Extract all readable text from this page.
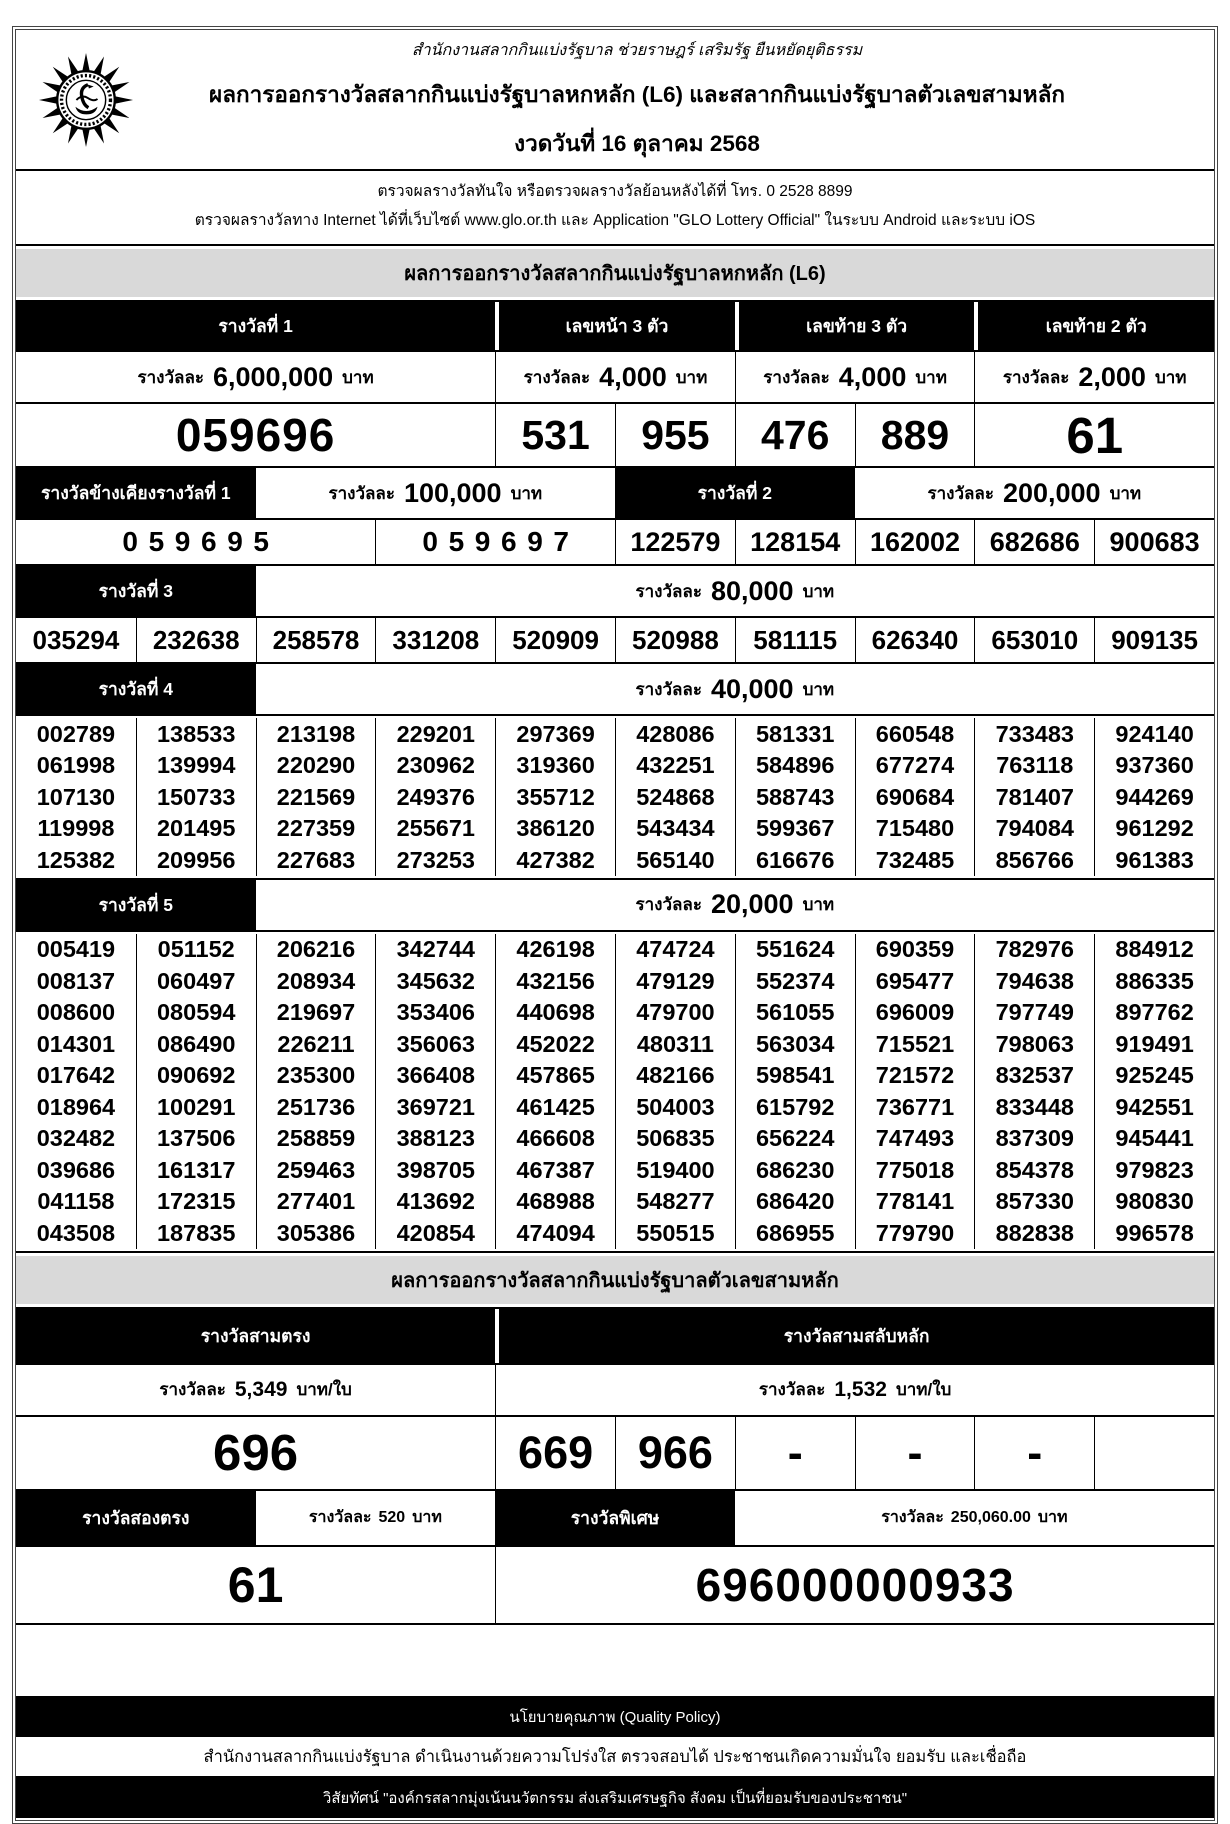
สำนักงานสลากกินแบ่งรัฐบาล ช่วยราษฎร์ เสริมรัฐ ยืนหยัดยุติธรรม
ผลการออกรางวัลสลากกินแบ่งรัฐบาลหกหลัก (L6) และสลากกินแบ่งรัฐบาลตัวเลขสามหลัก
งวดวันที่ 16 ตุลาคม 2568
ตรวจผลรางวัลทันใจ หรือตรวจผลรางวัลย้อนหลังได้ที่ โทร. 0 2528 8899
ตรวจผลรางวัลทาง Internet ได้ที่เว็บไซต์ www.glo.or.th และ Application "GLO Lottery Official" ในระบบ Android และระบบ iOS
ผลการออกรางวัลสลากกินแบ่งรัฐบาลหกหลัก (L6)
รางวัลที่ 1	เลขหน้า 3 ตัว	เลขท้าย 3 ตัว	เลขท้าย 2 ตัว
รางวัลละ 6,000,000 บาท	รางวัลละ 4,000 บาท	รางวัลละ 4,000 บาท	รางวัลละ 2,000 บาท
059696	531	955	476	889	61
รางวัลข้างเคียงรางวัลที่ 1	รางวัลละ 100,000 บาท	รางวัลที่ 2	รางวัลละ 200,000 บาท
059695	059697	122579	128154	162002	682686	900683
รางวัลที่ 3	รางวัลละ 80,000 บาท
035294	232638	258578	331208	520909	520988	581115	626340	653010	909135
รางวัลที่ 4	รางวัลละ 40,000 บาท
002789	138533	213198	229201	297369	428086	581331	660548	733483	924140
061998	139994	220290	230962	319360	432251	584896	677274	763118	937360
107130	150733	221569	249376	355712	524868	588743	690684	781407	944269
119998	201495	227359	255671	386120	543434	599367	715480	794084	961292
125382	209956	227683	273253	427382	565140	616676	732485	856766	961383
รางวัลที่ 5	รางวัลละ 20,000 บาท
005419	051152	206216	342744	426198	474724	551624	690359	782976	884912
008137	060497	208934	345632	432156	479129	552374	695477	794638	886335
008600	080594	219697	353406	440698	479700	561055	696009	797749	897762
014301	086490	226211	356063	452022	480311	563034	715521	798063	919491
017642	090692	235300	366408	457865	482166	598541	721572	832537	925245
018964	100291	251736	369721	461425	504003	615792	736771	833448	942551
032482	137506	258859	388123	466608	506835	656224	747493	837309	945441
039686	161317	259463	398705	467387	519400	686230	775018	854378	979823
041158	172315	277401	413692	468988	548277	686420	778141	857330	980830
043508	187835	305386	420854	474094	550515	686955	779790	882838	996578
ผลการออกรางวัลสลากกินแบ่งรัฐบาลตัวเลขสามหลัก
รางวัลสามตรง	รางวัลสามสลับหลัก
รางวัลละ 5,349 บาท/ใบ	รางวัลละ 1,532 บาท/ใบ
696	669 966	-	-	-
รางวัลสองตรง	รางวัลละ 520 บาท	รางวัลพิเศษ	รางวัลละ 250,060.00 บาท
61	696000000933
นโยบายคุณภาพ (Quality Policy)
สำนักงานสลากกินแบ่งรัฐบาล ดำเนินงานด้วยความโปร่งใส ตรวจสอบได้ ประชาชนเกิดความมั่นใจ ยอมรับ และเชื่อถือ
วิสัยทัศน์ "องค์กรสลากมุ่งเน้นนวัตกรรม ส่งเสริมเศรษฐกิจ สังคม เป็นที่ยอมรับของประชาชน"
